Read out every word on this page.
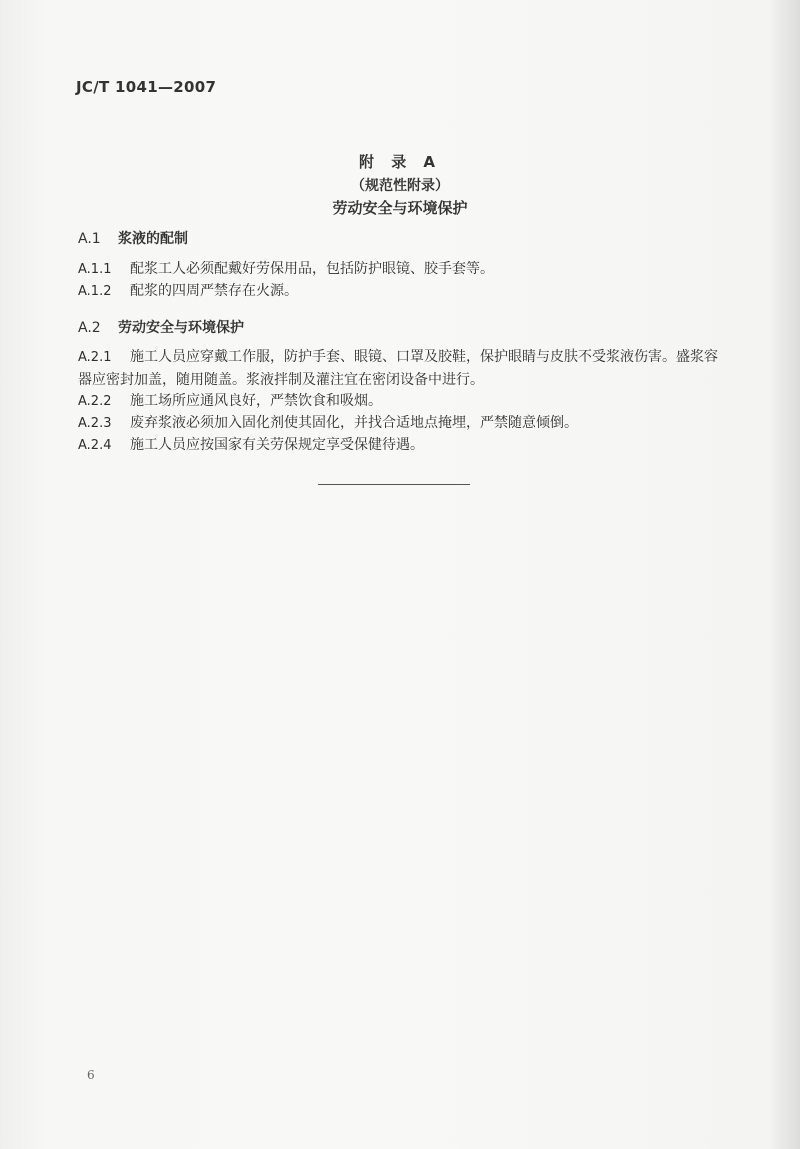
JC/T 1041—2007
附 录 A
（规范性附录）
劳动安全与环境保护
A.1 浆液的配制
A.1.1 配浆工人必须配戴好劳保用品，包括防护眼镜、胶手套等。
A.1.2 配浆的四周严禁存在火源。
A.2 劳动安全与环境保护
A.2.1 施工人员应穿戴工作服，防护手套、眼镜、口罩及胶鞋，保护眼睛与皮肤不受浆液伤害。盛浆容器应密封加盖，随用随盖。浆液拌制及灌注宜在密闭设备中进行。
A.2.2 施工场所应通风良好，严禁饮食和吸烟。
A.2.3 废弃浆液必须加入固化剂使其固化，并找合适地点掩埋，严禁随意倾倒。
A.2.4 施工人员应按国家有关劳保规定享受保健待遇。
6
